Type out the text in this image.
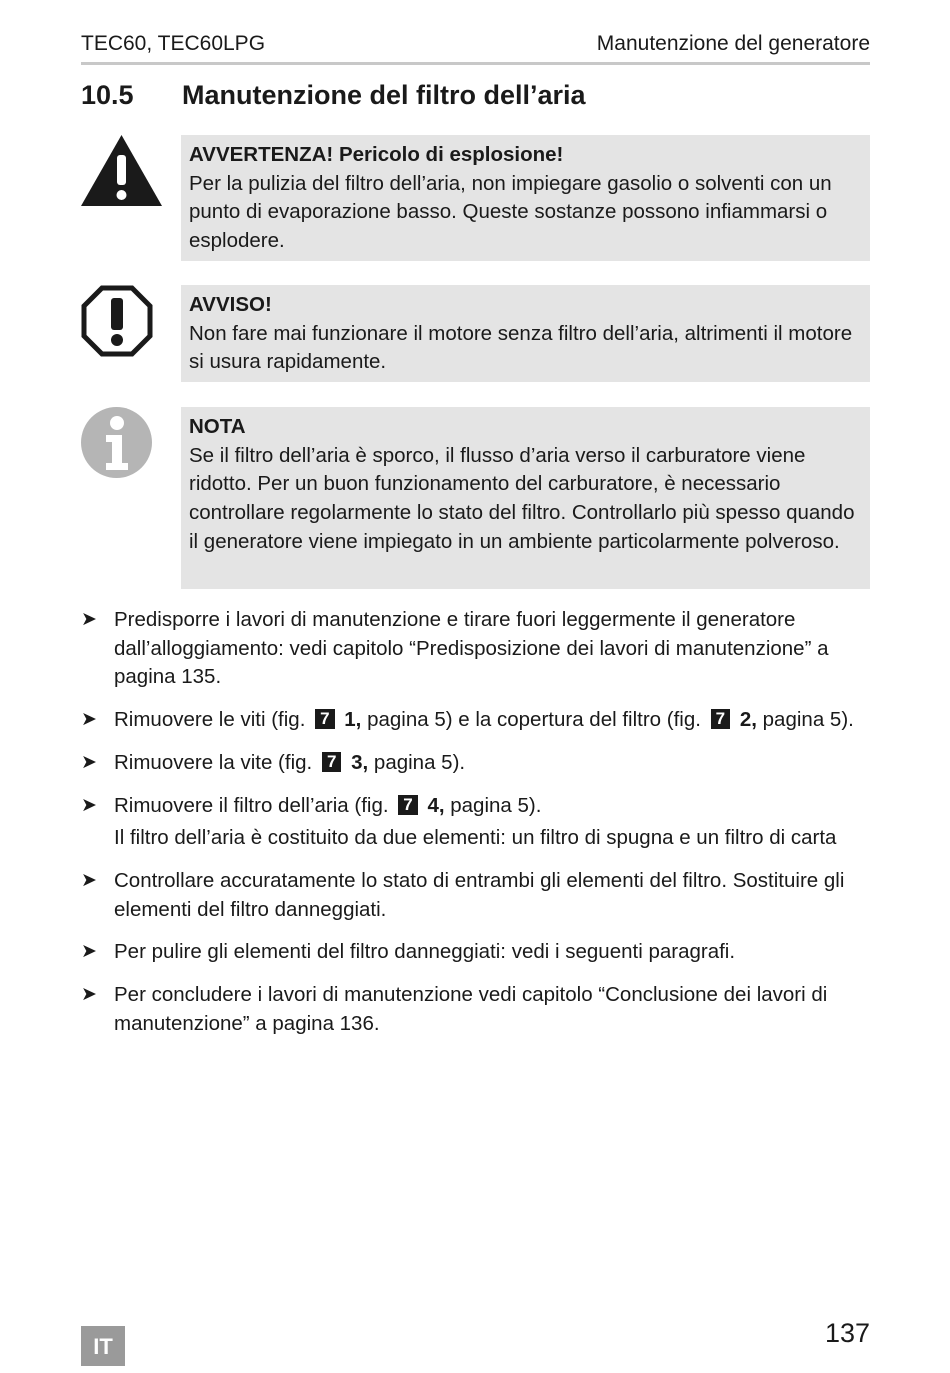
TEC60, TEC60LPG	Manutenzione del generatore
10.5 Manutenzione del filtro dell’aria
AVVERTENZA! Pericolo di esplosione!
Per la pulizia del filtro dell’aria, non impiegare gasolio o solventi con un punto di evaporazione basso. Queste sostanze possono infiammarsi o esplodere.
AVVISO!
Non fare mai funzionare il motore senza filtro dell’aria, altrimenti il motore si usura rapidamente.
NOTA
Se il filtro dell’aria è sporco, il flusso d’aria verso il carburatore viene ridotto. Per un buon funzionamento del carburatore, è necessario controllare regolarmente lo stato del filtro. Controllarlo più spesso quando il generatore viene impiegato in un ambiente particolarmente polveroso.
➤ Predisporre i lavori di manutenzione e tirare fuori leggermente il generatore dall’alloggiamento: vedi capitolo “Predisposizione dei lavori di manutenzione” a pagina 135.
➤ Rimuovere le viti (fig. 7 1, pagina 5) e la copertura del filtro (fig. 7 2, pagina 5).
➤ Rimuovere la vite (fig. 7 3, pagina 5).
➤ Rimuovere il filtro dell’aria (fig. 7 4, pagina 5).
Il filtro dell’aria è costituito da due elementi: un filtro di spugna e un filtro di carta
➤ Controllare accuratamente lo stato di entrambi gli elementi del filtro. Sostituire gli elementi del filtro danneggiati.
➤ Per pulire gli elementi del filtro danneggiati: vedi i seguenti paragrafi.
➤ Per concludere i lavori di manutenzione vedi capitolo “Conclusione dei lavori di manutenzione” a pagina 136.
IT	137
